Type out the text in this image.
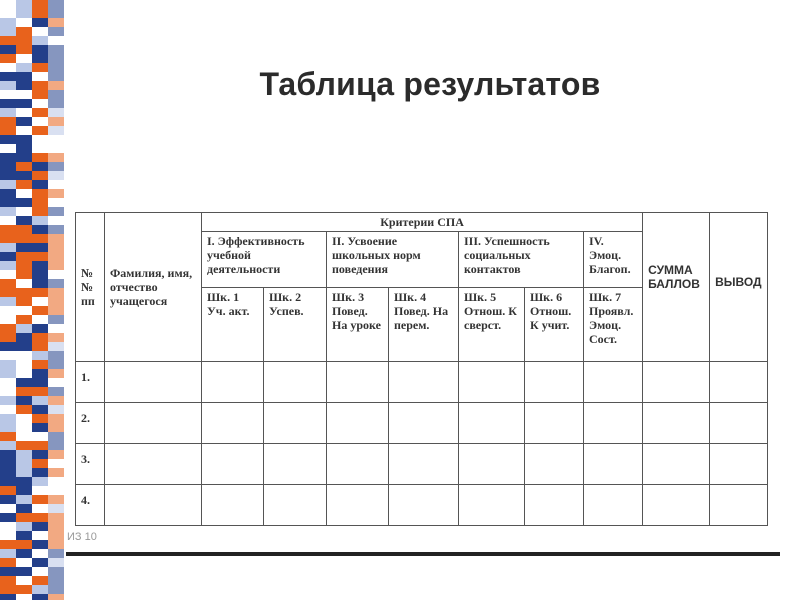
Таблица результатов
№ № пп	Фамилия, имя, отчество учащегося	Критерии СПА							СУММА БАЛЛОВ	ВЫВОД
		I. Эффективность учебной деятельности		II. Усвоение школьных норм поведения		III. Успешность социальных контактов		IV. Эмоц. Благоп.		
		Шк. 1 Уч. акт.	Шк. 2 Успев.	Шк. 3 Повед. На уроке	Шк. 4 Повед. На перем.	Шк. 5 Отнош. К сверст.	Шк. 6 Отнош. К учит.	Шк. 7 Проявл. Эмоц. Сост.		
1.										
2.										
3.										
4.										
ИЗ 10
